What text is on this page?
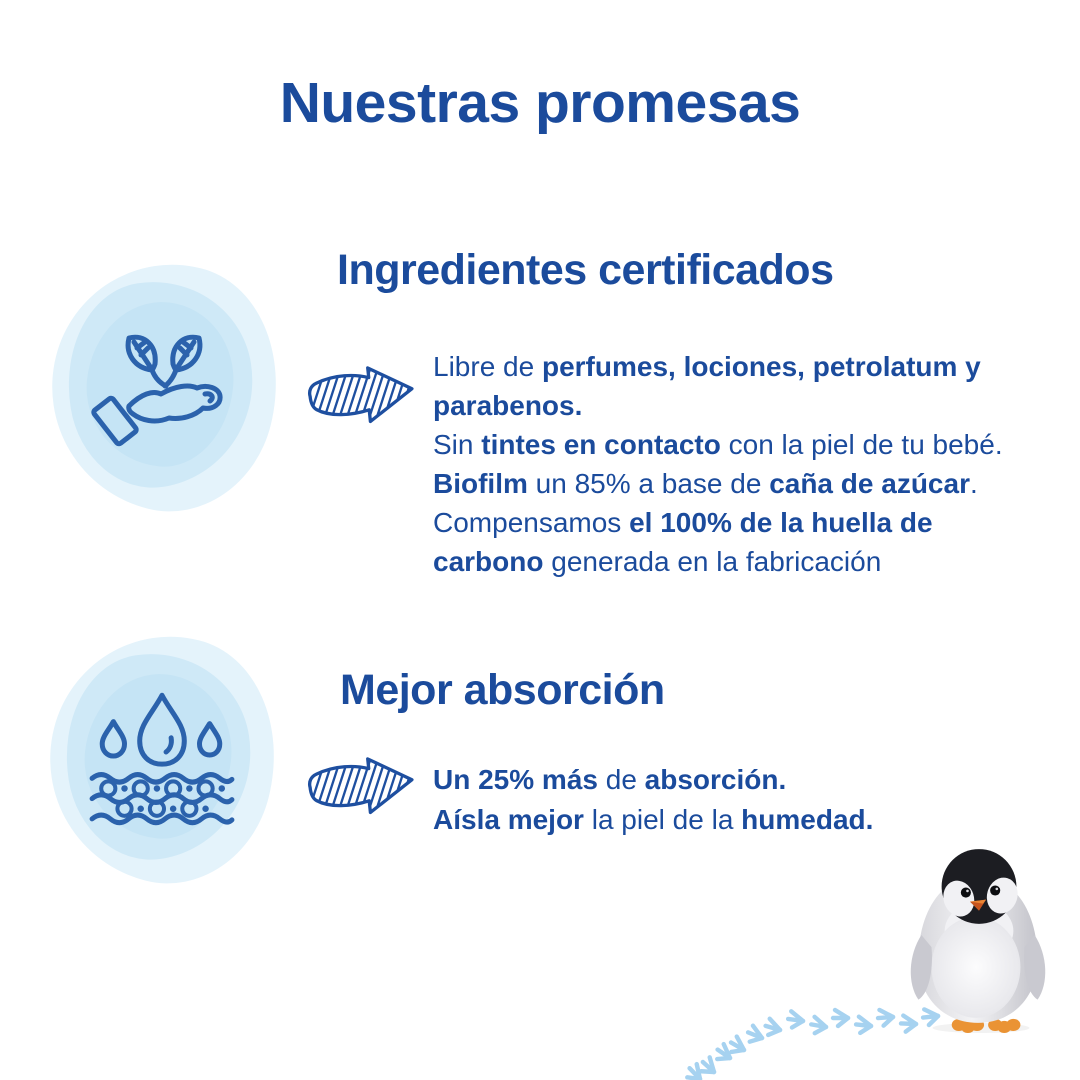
Nuestras promesas
Ingredientes certificados
Libre de perfumes, lociones, petrolatum y parabenos.
Sin tintes en contacto con la piel de tu bebé.
Biofilm un 85% a base de caña de azúcar.
Compensamos el 100% de la huella de carbono generada en la fabricación
Mejor absorción
Un 25% más de absorción.
Aísla mejor la piel de la humedad.
